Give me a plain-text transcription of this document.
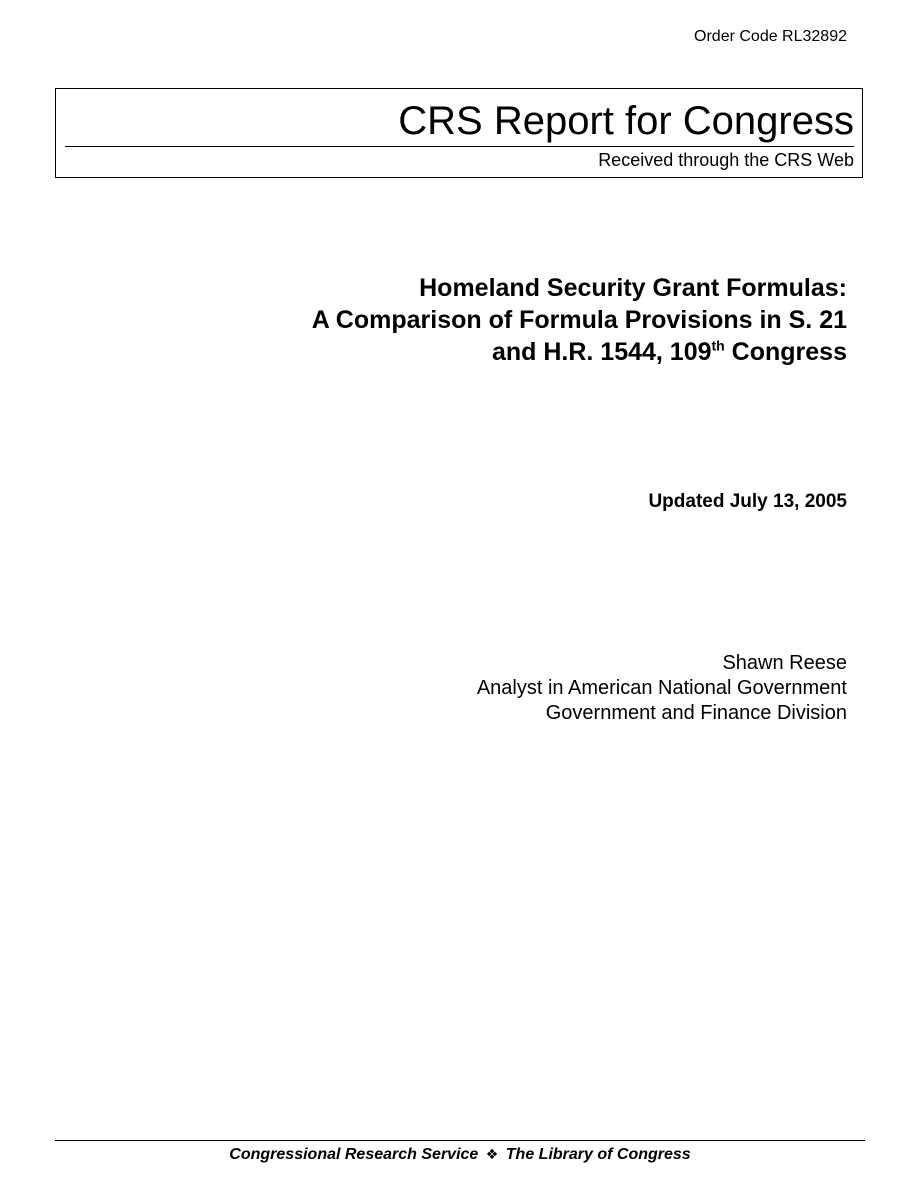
Order Code RL32892
CRS Report for Congress
Received through the CRS Web
Homeland Security Grant Formulas:
A Comparison of Formula Provisions in S. 21
and H.R. 1544, 109th Congress
Updated July 13, 2005
Shawn Reese
Analyst in American National Government
Government and Finance Division
Congressional Research Service ❖ The Library of Congress
